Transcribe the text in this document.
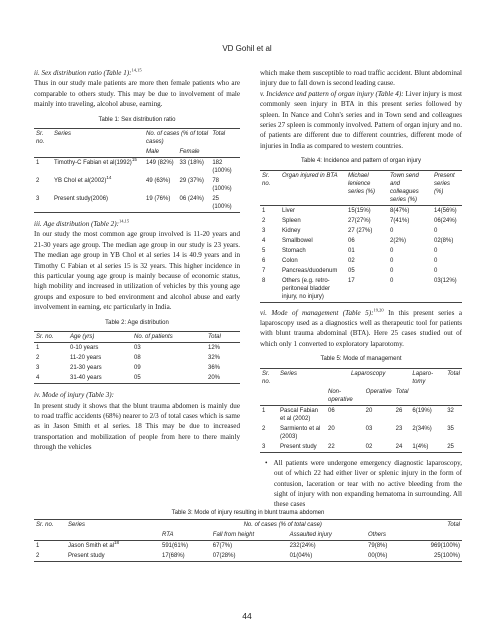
VD Gohil et al

ii. Sex distribution ratio (Table 1):$^{14,15}$

Thus in our study male patients are more then female patients who are comparable to others study. This may be due to involvement of male mainly into traveling, alcohol abuse, earning.

Table 1: Sex distribution ratio
Sr. no.	Series	No. of cases (% of total cases)		Total
		Male	Female	
1	Timothy-C Fabian et $al(1992)^{15}$	149 (82%)	33 (18%)	182 (100%)
2	YB Chol et $al(2002)^{14}$	49 (63%)	29 (37%)	78 (100%)
3	Present study(2006)	19 (76%)	06 (24%)	25 (100%)

iii. Age distribution (Table 2):$^{14,15}$

In our study the most common age group involved is 11-20 years and 21-30 years age group. The median age group in our study is 23 years. The median age group in YB Chol et al series 14 is 40.9 years and in Timothy C Fabian et al series 15 is 32 years. This higher incidence in this particular young age group is mainly because of economic status, high mobility and increased in utilization of vehicles by this young age groups and exposure to bed environment and alcohol abuse and early involvement in earning, etc particularly in India.

Table 2: Age distribution
Sr. no.	Age (yrs)	No. of patients	Total
1	0-10 years	03	12%
2	11-20 years	08	32%
3	21-30 years	09	36%
4	31-40 years	05	20%

iv. Mode of injury (Table 3):

In present study it shows that the blunt trauma abdomen is mainly due to road traffic accidents (68%) nearer to 2/3 of total cases which is same as in Jason Smith et al series. 18 This may be due to increased transportation and mobilization of people from here to there mainly through the vehicles

which make them susceptible to road traffic accident. Blunt abdominal injury due to fall down is second leading cause.

v. Incidence and pattern of organ injury (Table 4): Liver injury is most commonly seen injury in BTA in this present series followed by spleen. In Nance and Cohn's series and in Town send and colleagues series 27 spleen is commonly involved. Pattern of organ injury and no. of patients are different due to different countries, different mode of injuries in India as compared to western countries.

Table 4: Incidence and pattern of organ injury
Sr. no.	Organ injured in BTA	Michael lenience series (%)	Town send and colleagues series (%)	Present series (%)
1	Liver	15(15%)	8(47%)	14(56%)
2	Spleen	27(27%)	7(41%)	06(24%)
3	Kidney	27 (27%)	0	0
4	Smallbowel	06	2(2%)	02(8%)
5	Stomach	01	0	0
6	Colon	02	0	0
7	Pancreas/duodenum	05	0	0
8	Others (e.g. retro-peritoneal bladder injury, no injury)	17	0	03(12%)

vi. Mode of management (Table 5):$^{19,20}$ In this present series a laparoscopy used as a diagnostics well as therapeutic tool for patients with blunt trauma abdominal (BTA). Here 25 cases studied out of which only 1 converted to exploratory laparotomy.

Table 5: Mode of management
Sr. no.	Series	Laparoscopy			Laparo- tomy	Total
		Non-operative	Operative	Total		
1	Pascal Fabian et al (2002)	06	20	26	6(19%)	32
2	Sarmiento et al (2003)	20	03	23	2(34%)	35
3	Present study	22	02	24	1(4%)	25

•  All patients were undergone emergency diagnostic laparoscopy, out of which 22 had either liver or splenic injury in the form of contusion, laceration or tear with no active bleeding from the sight of injury with non expanding hematoma in surrounding. All these cases

Table 3: Mode of injury resulting in blunt trauma abdomen
Sr. no.	Series	No. of cases (% of total case)				Total
		RTA	Fall from height	Assaulted injury	Others	
1	Jason Smith et $al^{18}$	591(61%)	67(7%)	232(24%)	79(8%)	969(100%)
2	Present study	17(68%)	07(28%)	01(04%)	00(0%)	25(100%)
44
